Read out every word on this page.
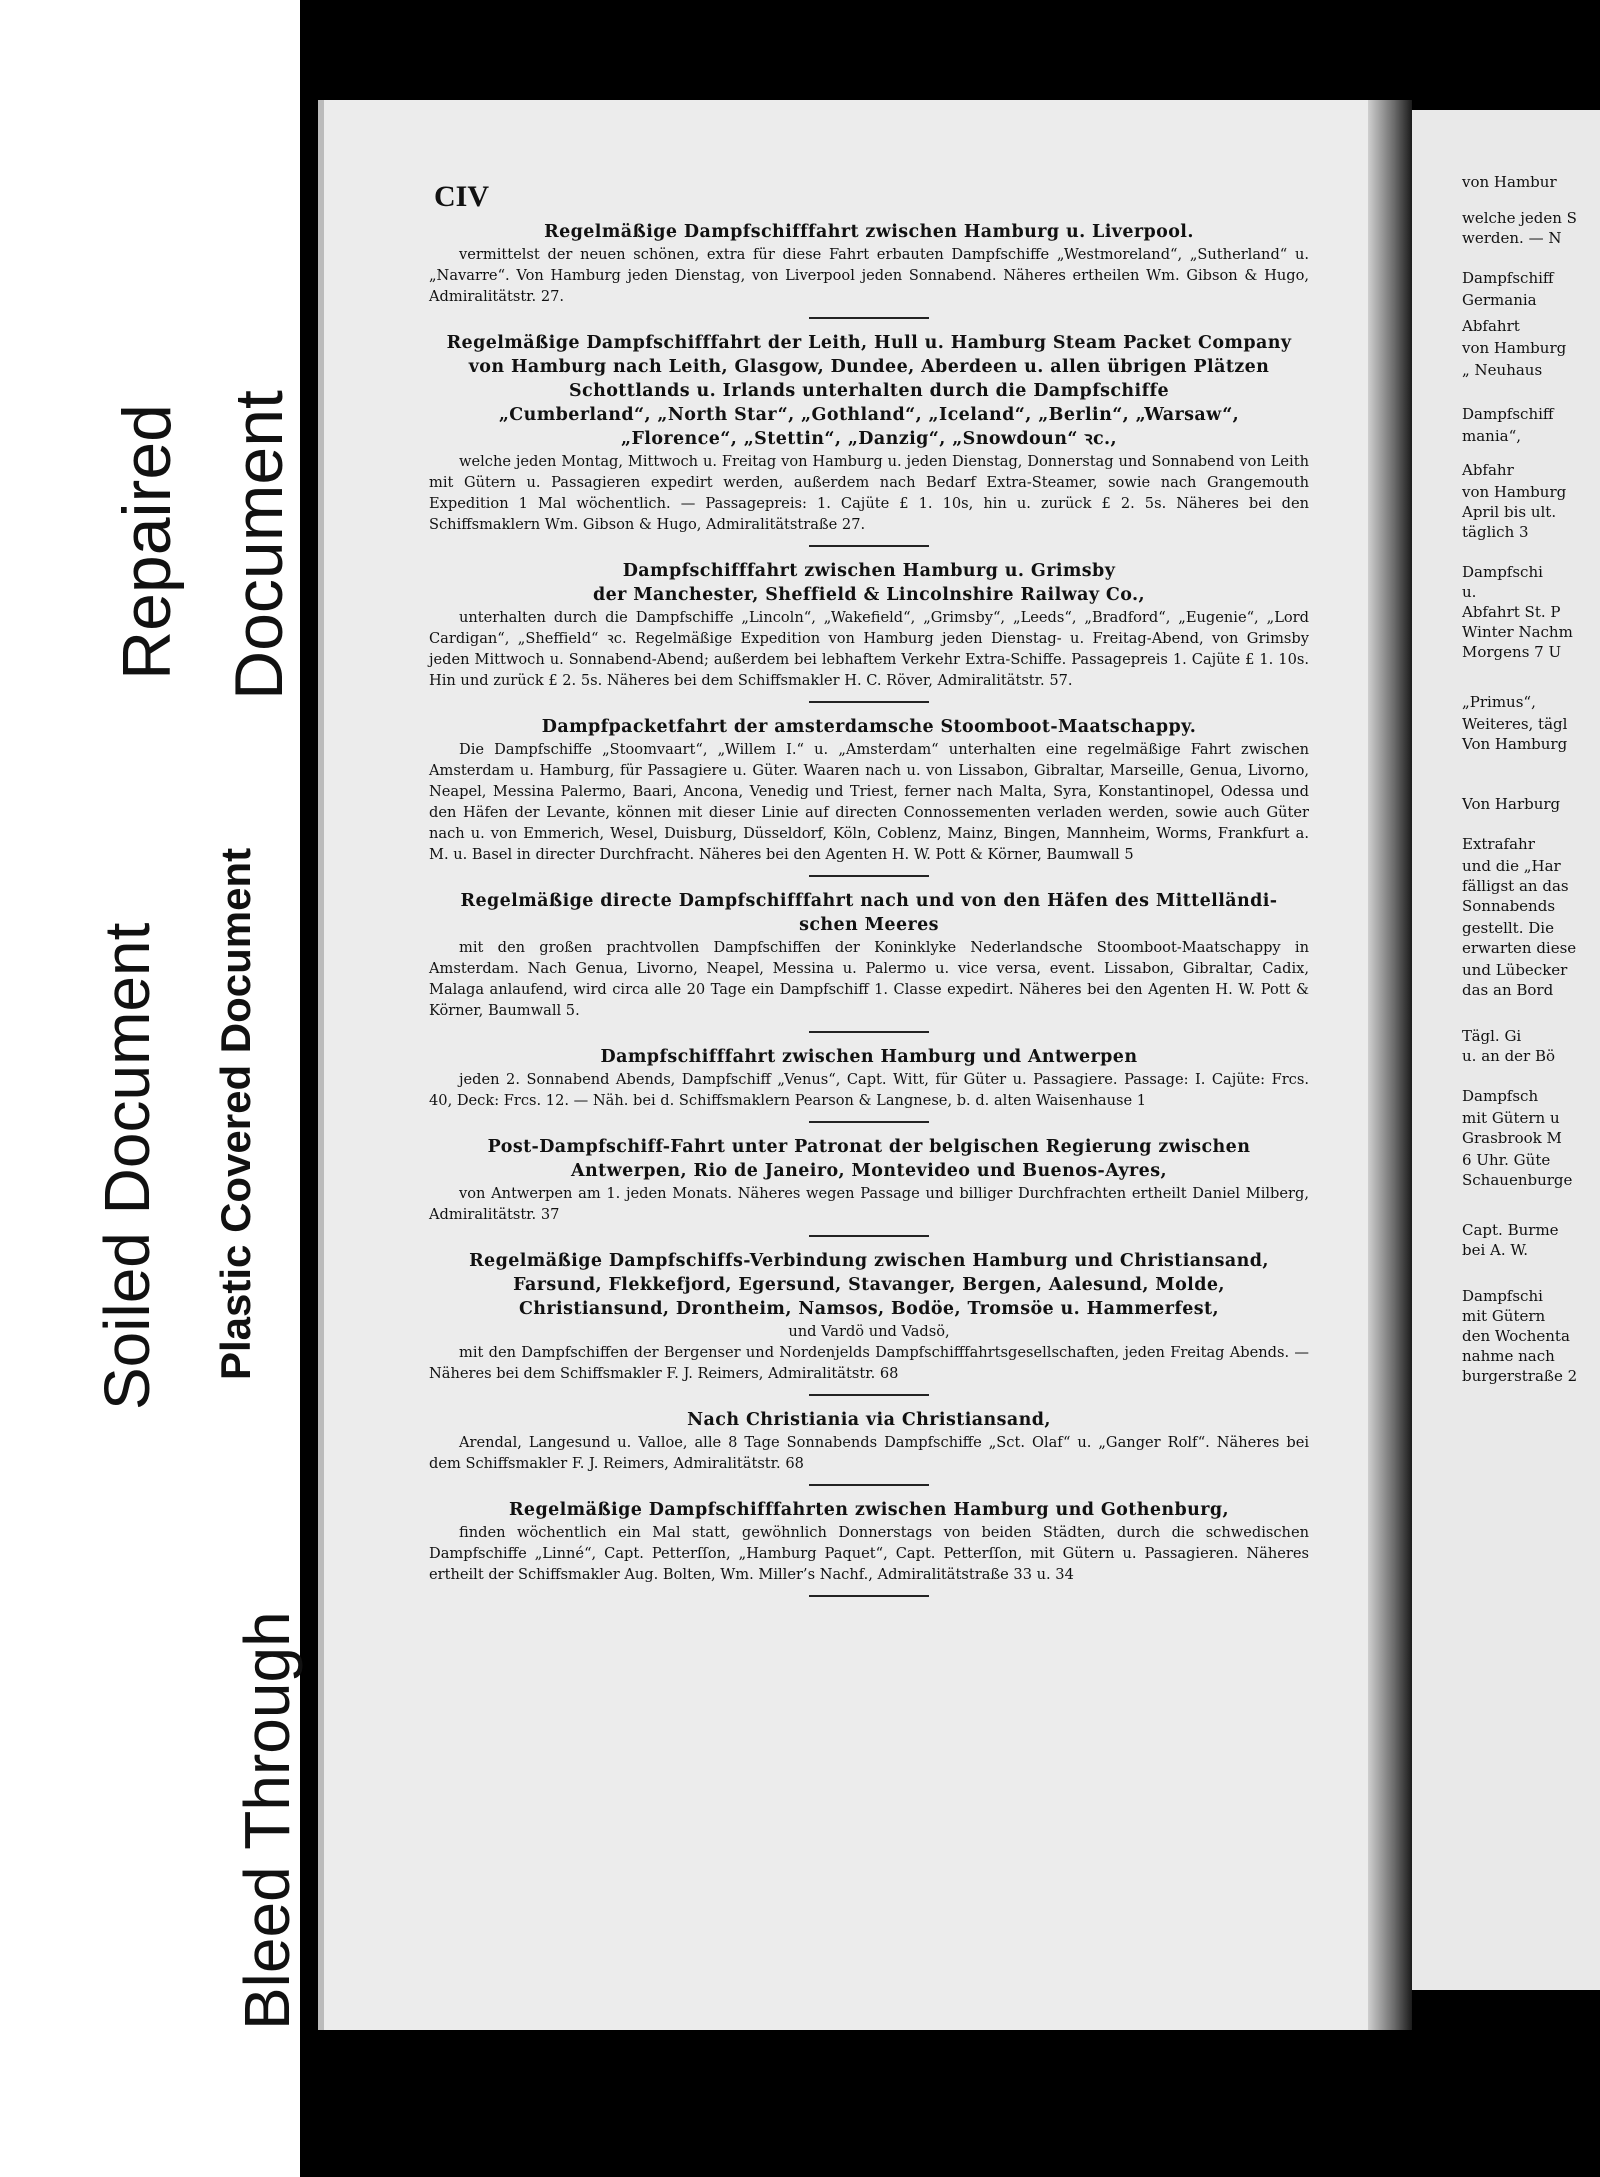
Bleed Through
Soiled Document Plastic Covered Document
Repaired Document
CIV
Regelmäßige Dampfschifffahrt zwischen Hamburg u. Liverpool.
vermittelst der neuen schönen, extra für diese Fahrt erbauten Dampfschiffe „Westmoreland“, „Sutherland“ u. „Navarre“. Von Hamburg jeden Dienstag, von Liverpool jeden Sonnabend. Näheres ertheilen Wm. Gibson & Hugo, Admiralitätstr. 27.
Regelmäßige Dampfschifffahrt der Leith, Hull u. Hamburg Steam Packet Company
von Hamburg nach Leith, Glasgow, Dundee, Aberdeen u. allen übrigen Plätzen
Schottlands u. Irlands unterhalten durch die Dampfschiffe
„Cumberland“, „North Star“, „Gothland“, „Iceland“, „Berlin“, „Warsaw“,
„Florence“, „Stettin“, „Danzig“, „Snowdoun“ ꝛc.,
welche jeden Montag, Mittwoch u. Freitag von Hamburg u. jeden Dienstag, Donnerstag und Sonnabend von Leith mit Gütern u. Passagieren expedirt werden, außerdem nach Bedarf Extra-Steamer, sowie nach Grangemouth Expedition 1 Mal wöchentlich. — Passagepreis: 1. Cajüte £ 1. 10s, hin u. zurück £ 2. 5s. Näheres bei den Schiffsmaklern Wm. Gibson & Hugo, Admiralitätstraße 27.
Dampfschifffahrt zwischen Hamburg u. Grimsby
der Manchester, Sheffield & Lincolnshire Railway Co.,
unterhalten durch die Dampfschiffe „Lincoln“, „Wakefield“, „Grimsby“, „Leeds“, „Bradford“, „Eugenie“, „Lord Cardigan“, „Sheffield“ ꝛc. Regelmäßige Expedition von Hamburg jeden Dienstag- u. Freitag-Abend, von Grimsby jeden Mittwoch u. Sonnabend-Abend; außerdem bei lebhaftem Verkehr Extra-Schiffe. Passagepreis 1. Cajüte £ 1. 10s. Hin und zurück £ 2. 5s. Näheres bei dem Schiffsmakler H. C. Röver, Admiralitätstr. 57.
Dampfpacketfahrt der amsterdamsche Stoomboot-Maatschappy.
Die Dampfschiffe „Stoomvaart“, „Willem I.“ u. „Amsterdam“ unterhalten eine regelmäßige Fahrt zwischen Amsterdam u. Hamburg, für Passagiere u. Güter. Waaren nach u. von Lissabon, Gibraltar, Marseille, Genua, Livorno, Neapel, Messina Palermo, Baari, Ancona, Venedig und Triest, ferner nach Malta, Syra, Konstantinopel, Odessa und den Häfen der Levante, können mit dieser Linie auf directen Connossementen verladen werden, sowie auch Güter nach u. von Emmerich, Wesel, Duisburg, Düsseldorf, Köln, Coblenz, Mainz, Bingen, Mannheim, Worms, Frankfurt a. M. u. Basel in directer Durchfracht. Näheres bei den Agenten H. W. Pott & Körner, Baumwall 5
Regelmäßige directe Dampfschifffahrt nach und von den Häfen des Mittelländi-
schen Meeres
mit den großen prachtvollen Dampfschiffen der Koninklyke Nederlandsche Stoomboot-Maatschappy in Amsterdam. Nach Genua, Livorno, Neapel, Messina u. Palermo u. vice versa, event. Lissabon, Gibraltar, Cadix, Malaga anlaufend, wird circa alle 20 Tage ein Dampfschiff 1. Classe expedirt. Näheres bei den Agenten H. W. Pott & Körner, Baumwall 5.
Dampfschifffahrt zwischen Hamburg und Antwerpen
jeden 2. Sonnabend Abends, Dampfschiff „Venus“, Capt. Witt, für Güter u. Passagiere. Passage: I. Cajüte: Frcs. 40, Deck: Frcs. 12. — Näh. bei d. Schiffsmaklern Pearson & Langnese, b. d. alten Waisenhause 1
Post-Dampfschiff-Fahrt unter Patronat der belgischen Regierung zwischen
Antwerpen, Rio de Janeiro, Montevideo und Buenos-Ayres,
von Antwerpen am 1. jeden Monats. Näheres wegen Passage und billiger Durchfrachten ertheilt Daniel Milberg, Admiralitätstr. 37
Regelmäßige Dampfschiffs-Verbindung zwischen Hamburg und Christiansand,
Farsund, Flekkefjord, Egersund, Stavanger, Bergen, Aalesund, Molde,
Christiansund, Drontheim, Namsos, Bodöe, Tromsöe u. Hammerfest,
und Vardö und Vadsö,
mit den Dampfschiffen der Bergenser und Nordenjelds Dampfschifffahrtsgesellschaften, jeden Freitag Abends. — Näheres bei dem Schiffsmakler F. J. Reimers, Admiralitätstr. 68
Nach Christiania via Christiansand,
Arendal, Langesund u. Valloe, alle 8 Tage Sonnabends Dampfschiffe „Sct. Olaf“ u. „Ganger Rolf“. Näheres bei dem Schiffsmakler F. J. Reimers, Admiralitätstr. 68
Regelmäßige Dampfschifffahrten zwischen Hamburg und Gothenburg,
finden wöchentlich ein Mal statt, gewöhnlich Donnerstags von beiden Städten, durch die schwedischen Dampfschiffe „Linné“, Capt. Petterſſon, „Hamburg Paquet“, Capt. Petterſſon, mit Gütern u. Passagieren. Näheres ertheilt der Schiffsmakler Aug. Bolten, Wm. Miller’s Nachf., Admiralitätstraße 33 u. 34
von Hambur
welche jeden S
werden. — N
Dampfschiff
Germania
Abfahrt
von Hamburg
„ Neuhaus
Dampfschiff
mania“,
Abfahr
von Hamburg
April bis ult.
täglich 3
Dampfschi
u.
Abfahrt St. P
Winter Nachm
Morgens 7 U
„Primus“,
Weiteres, tägl
Von Hamburg
Von Harburg
Extrafahr
und die „Har
fälligst an das
Sonnabends
gestellt. Die
erwarten diese
und Lübecker
das an Bord
Tägl. Gi
u. an der Bö
Dampfsch
mit Gütern u
Grasbrook M
6 Uhr. Güte
Schauenburge
Capt. Burme
bei A. W.
Dampfschi
mit Gütern
den Wochenta
nahme nach
burgerstraße 2
